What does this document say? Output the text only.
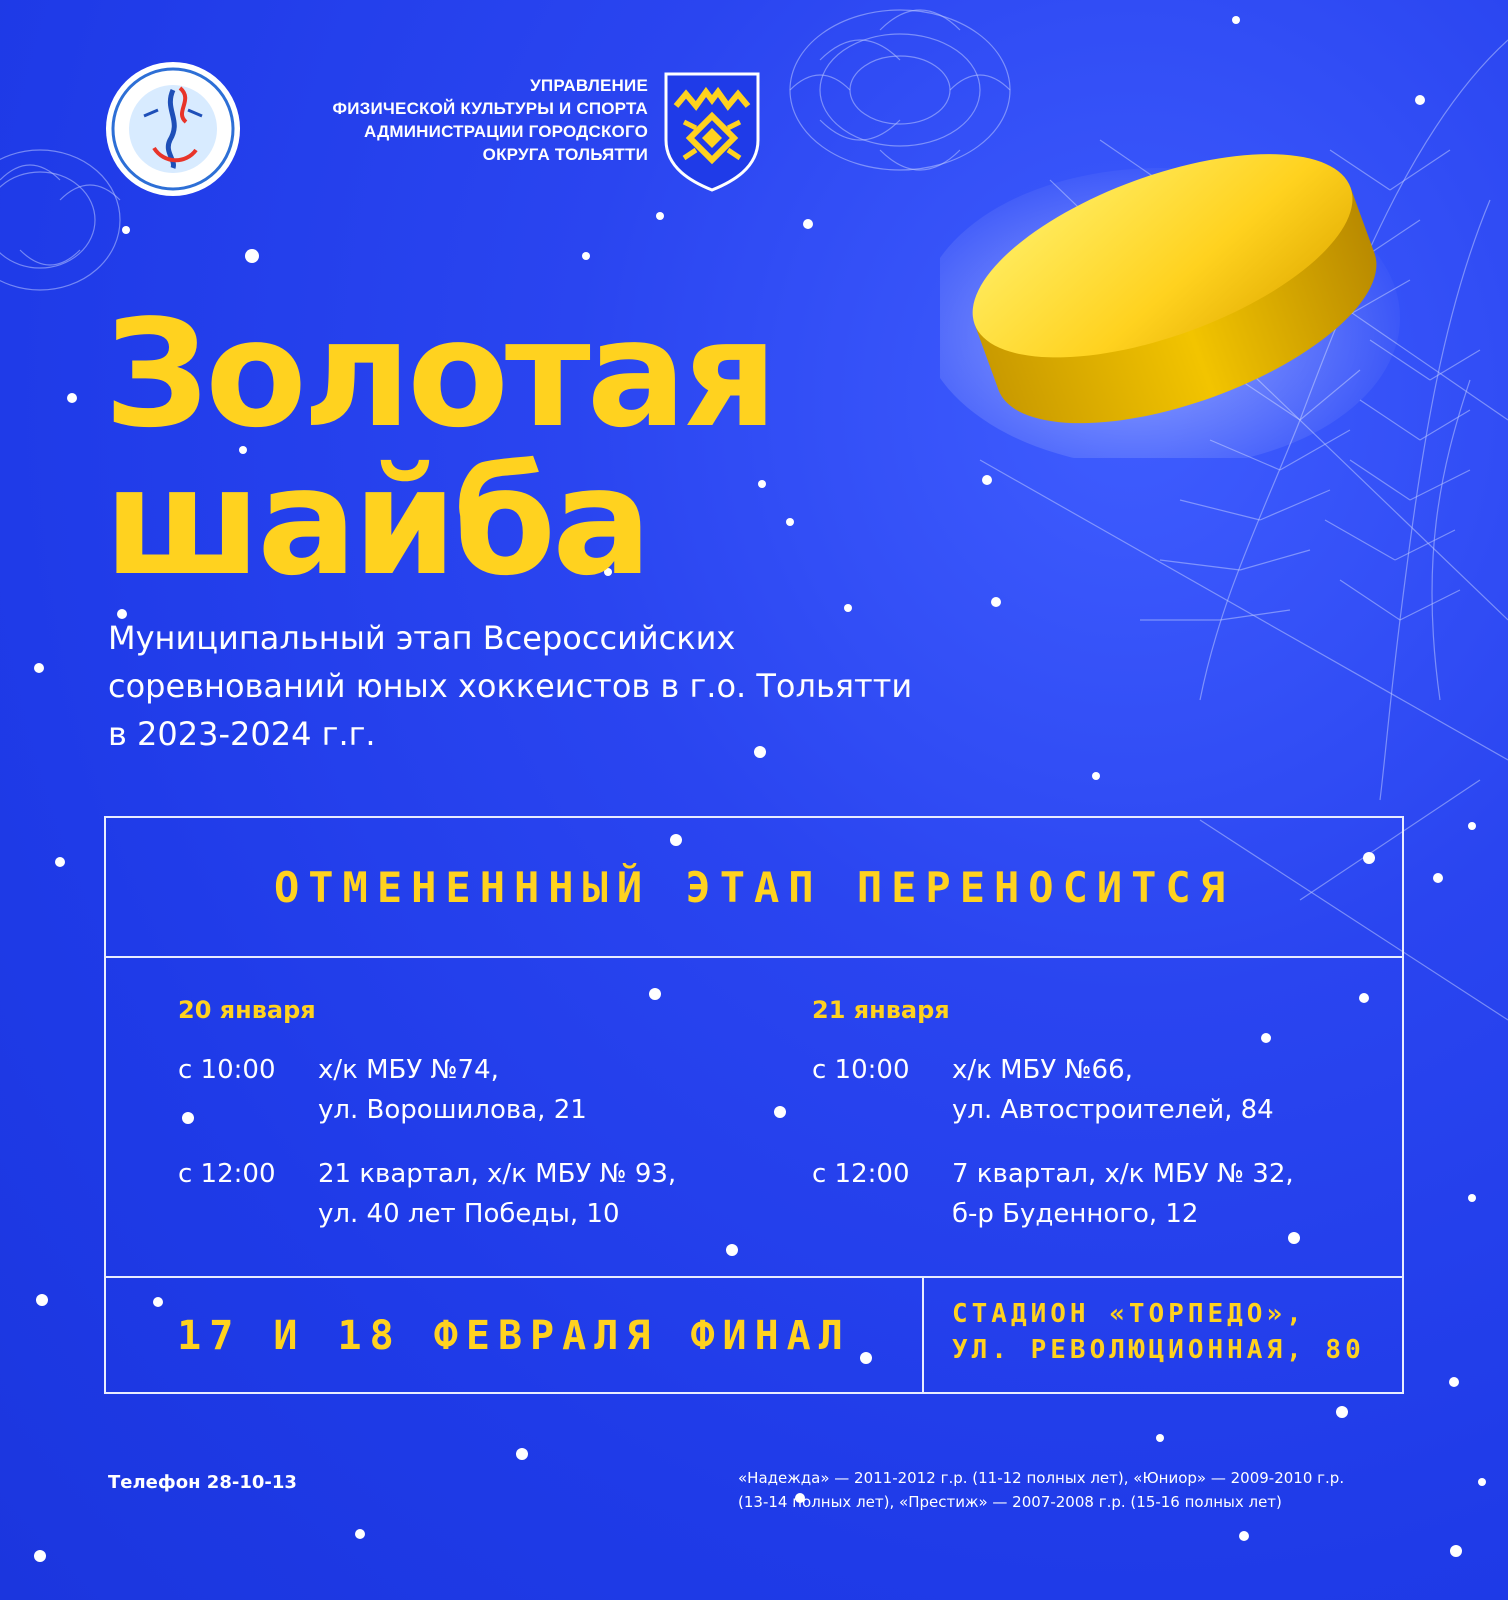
УПРАВЛЕНИЕ
ФИЗИЧЕСКОЙ КУЛЬТУРЫ И СПОРТА
АДМИНИСТРАЦИИ ГОРОДСКОГО
ОКРУГА ТОЛЬЯТТИ
Золотая
шайба
Муниципальный этап Всероссийских
соревнований юных хоккеистов в г.о. Тольятти
в 2023-2024 г.г.
ОТМЕНЕНННЫЙ ЭТАП ПЕРЕНОСИТСЯ
20 января
с 10:00	х/к МБУ №74,
ул. Ворошилова, 21
с 12:00	21 квартал, х/к МБУ № 93,
ул. 40 лет Победы, 10
21 января
с 10:00	х/к МБУ №66,
ул. Автостроителей, 84
с 12:00	7 квартал, х/к МБУ № 32,
б-р Буденного, 12
17 И 18 ФЕВРАЛЯ ФИНАЛ	СТАДИОН «ТОРПЕДО»,
УЛ. РЕВОЛЮЦИОННАЯ, 80
Телефон 28-10-13	«Надежда» — 2011-2012 г.р. (11-12 полных лет), «Юниор» — 2009-2010 г.р.
(13-14 полных лет), «Престиж» — 2007-2008 г.р. (15-16 полных лет)
